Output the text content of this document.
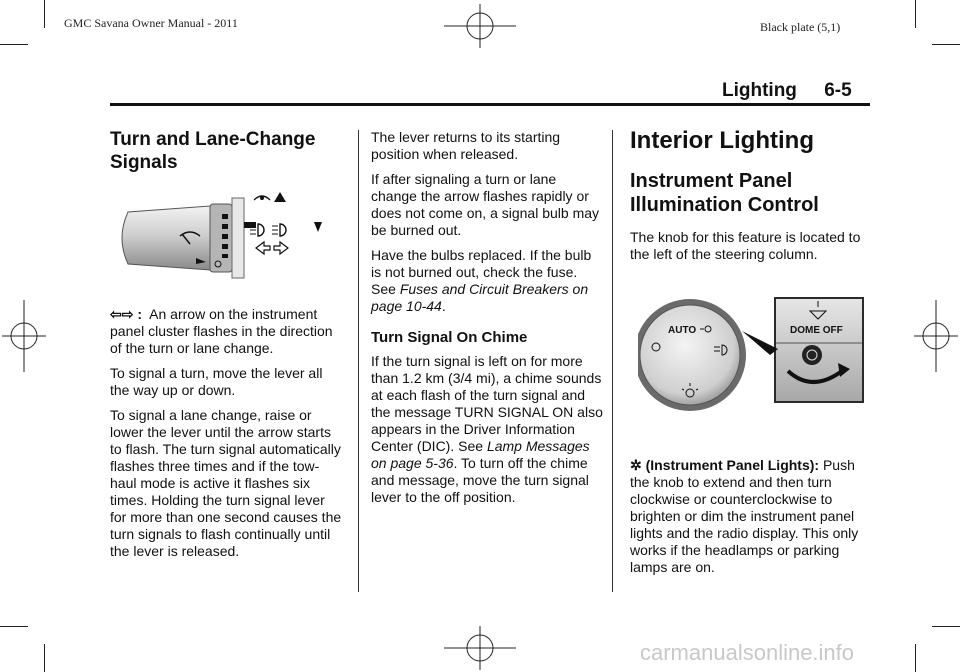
GMC Savana Owner Manual - 2011	Black plate (5,1)
Lighting 6-5
Turn and Lane-Change Signals

⇦⇨ : An arrow on the instrument panel cluster flashes in the direction of the turn or lane change.

To signal a turn, move the lever all the way up or down.

To signal a lane change, raise or lower the lever until the arrow starts to flash. The turn signal automatically flashes three times and if the tow-haul mode is active it flashes six times. Holding the turn signal lever for more than one second causes the turn signals to flash continually until the lever is released.

The lever returns to its starting position when released.

If after signaling a turn or lane change the arrow flashes rapidly or does not come on, a signal bulb may be burned out.

Have the bulbs replaced. If the bulb is not burned out, check the fuse. See Fuses and Circuit Breakers on page 10-44.

Turn Signal On Chime

If the turn signal is left on for more than 1.2 km (3/4 mi), a chime sounds at each flash of the turn signal and the message TURN SIGNAL ON also appears in the Driver Information Center (DIC). See Lamp Messages on page 5-36. To turn off the chime and message, move the turn signal lever to the off position.

Interior Lighting
Instrument Panel Illumination Control

The knob for this feature is located to the left of the steering column.

AUTO	DOME OFF

✲ (Instrument Panel Lights): Push the knob to extend and then turn clockwise or counterclockwise to brighten or dim the instrument panel lights and the radio display. This only works if the headlamps or parking lamps are on.

carmanualsonline.info
